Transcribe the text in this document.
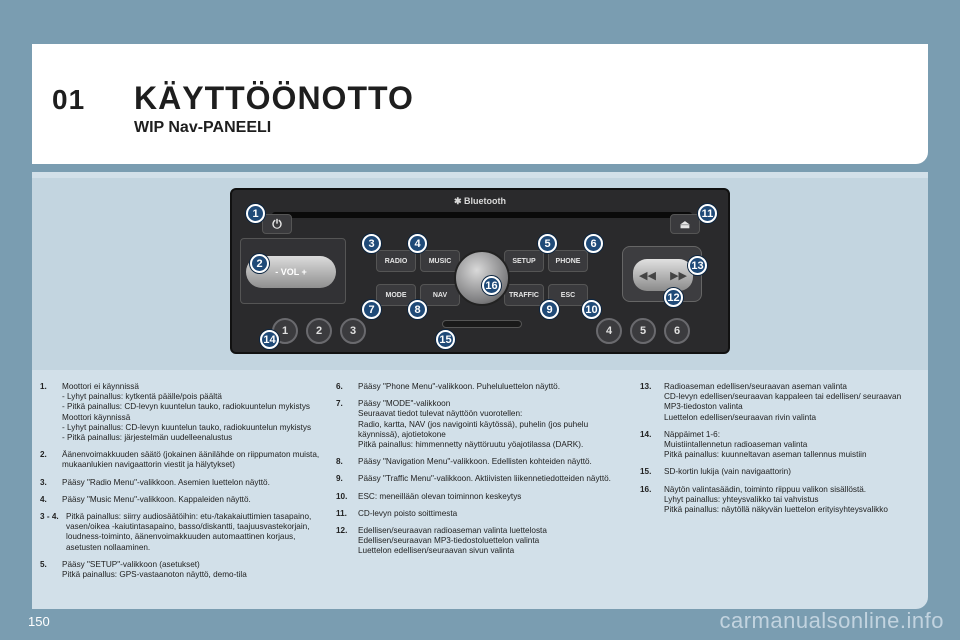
01 KÄYTTÖÖNOTTO
WIP Nav-PANEELI
✱ Bluetooth
⏻	⏏
- VOL +
RADIO	MUSIC	SETUP	PHONE
MODE	NAV	TRAFFIC	ESC
◀◀ ▶▶
1	2	3	4	5	6
1
2
3	4	5	6
7	8	9	10
11
12
13
14	15
16
1.	Moottori ei käynnissä
- Lyhyt painallus: kytkentä päälle/pois päältä
- Pitkä painallus: CD-levyn kuuntelun tauko, radiokuuntelun mykistys
Moottori käynnissä
- Lyhyt painallus: CD-levyn kuuntelun tauko, radiokuuntelun mykistys
- Pitkä painallus: järjestelmän uudelleenalustus
2.	Äänenvoimakkuuden säätö (jokainen äänilähde on riippumaton muista, mukaanlukien navigaattorin viestit ja hälytykset)
3.	Pääsy "Radio Menu"-valikkoon. Asemien luettelon näyttö.
4.	Pääsy "Music Menu"-valikkoon. Kappaleiden näyttö.
3 - 4. Pitkä painallus: siirry audiosäätöihin: etu-/takakaiuttimien tasapaino, vasen/oikea -kaiutintasapaino, basso/diskantti, taajuusvastekorjain, loudness-toiminto, äänenvoimakkuuden automaattinen korjaus, asetusten nollaaminen.
5.	Pääsy "SETUP"-valikkoon (asetukset)
Pitkä painallus: GPS-vastaanoton näyttö, demo-tila
6.	Pääsy "Phone Menu"-valikkoon. Puheluluettelon näyttö.
7.	Pääsy "MODE"-valikkoon
Seuraavat tiedot tulevat näyttöön vuorotellen:
Radio, kartta, NAV (jos navigointi käytössä), puhelin (jos puhelu käynnissä), ajotietokone
Pitkä painallus: himmennetty näyttöruutu yöajotilassa (DARK).
8.	Pääsy "Navigation Menu"-valikkoon. Edellisten kohteiden näyttö.
9.	Pääsy "Traffic Menu"-valikkoon. Aktiivisten liikennetiedotteiden näyttö.
10.	ESC: meneillään olevan toiminnon keskeytys
11.	CD-levyn poisto soittimesta
12.	Edellisen/seuraavan radioaseman valinta luettelosta
Edellisen/seuraavan MP3-tiedostoluettelon valinta
Luettelon edellisen/seuraavan sivun valinta
13.	Radioaseman edellisen/seuraavan aseman valinta
CD-levyn edellisen/seuraavan kappaleen tai edellisen/ seuraavan MP3-tiedoston valinta
Luettelon edellisen/seuraavan rivin valinta
14.	Näppäimet 1-6:
Muistiintallennetun radioaseman valinta
Pitkä painallus: kuunneltavan aseman tallennus muistiin
15.	SD-kortin lukija (vain navigaattorin)
16.	Näytön valintasäädin, toiminto riippuu valikon sisällöstä.
Lyhyt painallus: yhteysvalikko tai vahvistus
Pitkä painallus: näytöllä näkyvän luettelon erityisyhteysvalikko
150	carmanualsonline.info
